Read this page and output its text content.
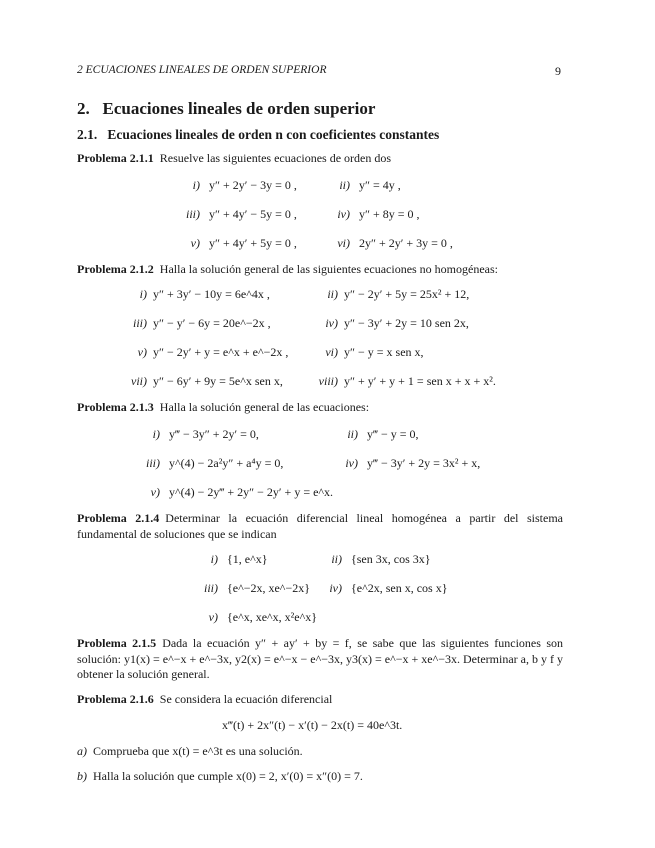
2 ECUACIONES LINEALES DE ORDEN SUPERIOR	9
2. Ecuaciones lineales de orden superior
2.1. Ecuaciones lineales de orden n con coeficientes constantes
Problema 2.1.1 Resuelve las siguientes ecuaciones de orden dos
i) y″ + 2y′ − 3y = 0 ,	ii) y″ = 4y ,
iii) y″ + 4y′ − 5y = 0 ,	iv) y″ + 8y = 0 ,
v) y″ + 4y′ + 5y = 0 ,	vi) 2y″ + 2y′ + 3y = 0 ,
Problema 2.1.2 Halla la solución general de las siguientes ecuaciones no homogéneas:
i) y″ + 3y′ − 10y = 6e^4x ,	ii) y″ − 2y′ + 5y = 25x² + 12,
iii) y″ − y′ − 6y = 20e^−2x ,	iv) y″ − 3y′ + 2y = 10 sen 2x,
v) y″ − 2y′ + y = e^x + e^−2x ,	vi) y″ − y = x sen x,
vii) y″ − 6y′ + 9y = 5e^x sen x,	viii) y″ + y′ + y + 1 = sen x + x + x².
Problema 2.1.3 Halla la solución general de las ecuaciones:
i) y‴ − 3y″ + 2y′ = 0,	ii) y‴ − y = 0,
iii) y^(4) − 2a²y″ + a⁴y = 0,	iv) y‴ − 3y′ + 2y = 3x² + x,
v) y^(4) − 2y‴ + 2y″ − 2y′ + y = e^x.
Problema 2.1.4 Determinar la ecuación diferencial lineal homogénea a partir del sistema fundamental de soluciones que se indican
i) {1, e^x}	ii) {sen 3x, cos 3x}
iii) {e^−2x, xe^−2x}	iv) {e^2x, sen x, cos x}
v) {e^x, xe^x, x²e^x}
Problema 2.1.5 Dada la ecuación y″ + ay′ + by = f, se sabe que las siguientes funciones son solución: y1(x) = e^−x + e^−3x, y2(x) = e^−x − e^−3x, y3(x) = e^−x + xe^−3x. Determinar a, b y f y obtener la solución general.
Problema 2.1.6 Se considera la ecuación diferencial
x‴(t) + 2x″(t) − x′(t) − 2x(t) = 40e^3t.
a) Comprueba que x(t) = e^3t es una solución.
b) Halla la solución que cumple x(0) = 2, x′(0) = x″(0) = 7.
